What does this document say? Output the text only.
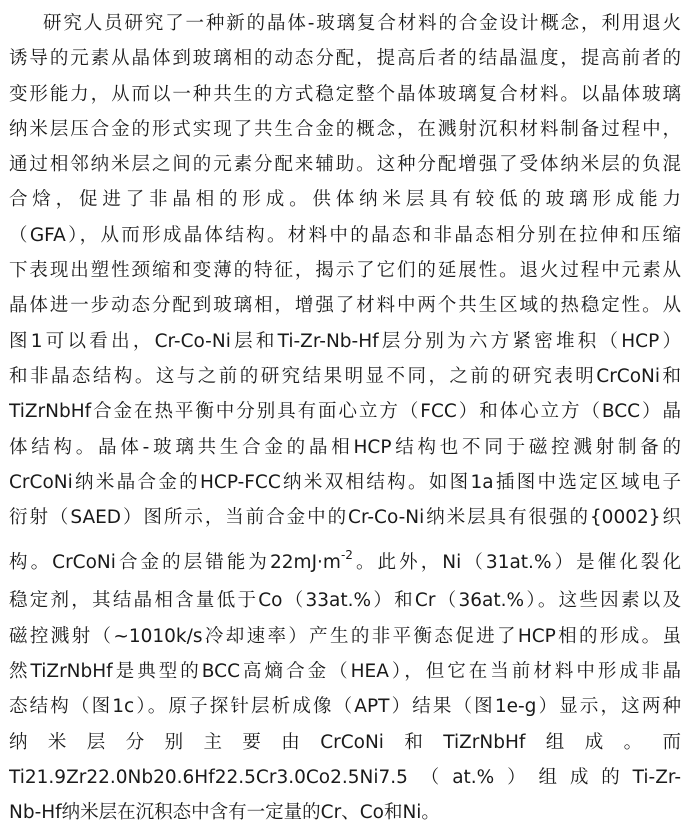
研究人员研究了一种新的晶体-玻璃复合材料的合金设计概念，利用退火
诱导的元素从晶体到玻璃相的动态分配，提高后者的结晶温度，提高前者的
变形能力，从而以一种共生的方式稳定整个晶体玻璃复合材料。以晶体玻璃
纳米层压合金的形式实现了共生合金的概念，在溅射沉积材料制备过程中，
通过相邻纳米层之间的元素分配来辅助。这种分配增强了受体纳米层的负混
合焓，促进了非晶相的形成。供体纳米层具有较低的玻璃形成能力
（GFA），从而形成晶体结构。材料中的晶态和非晶态相分别在拉伸和压缩
下表现出塑性颈缩和变薄的特征，揭示了它们的延展性。退火过程中元素从
晶体进一步动态分配到玻璃相，增强了材料中两个共生区域的热稳定性。从
图1可以看出，Cr-Co-Ni层和Ti-Zr-Nb-Hf层分别为六方紧密堆积（HCP）
和非晶态结构。这与之前的研究结果明显不同，之前的研究表明CrCoNi和
TiZrNbHf合金在热平衡中分别具有面心立方（FCC）和体心立方（BCC）晶
体结构。晶体-玻璃共生合金的晶相HCP结构也不同于磁控溅射制备的
CrCoNi纳米晶合金的HCP-FCC纳米双相结构。如图1a插图中选定区域电子
衍射（SAED）图所示，当前合金中的Cr-Co-Ni纳米层具有很强的{0002}织
构。CrCoNi合金的层错能为$22mJ\cdot m^{-2}$。此外，Ni（31at.%）是催化裂化
稳定剂，其结晶相含量低于Co（33at.%）和Cr（36at.%）。这些因素以及
磁控溅射（~1010k/s冷却速率）产生的非平衡态促进了HCP相的形成。虽
然TiZrNbHf是典型的BCC高熵合金（HEA），但它在当前材料中形成非晶
态结构（图1c）。原子探针层析成像（APT）结果（图1e-g）显示，这两种
纳米层分别主要由CrCoNi和TiZrNbHf组成。而
Ti21.9Zr22.0Nb20.6Hf22.5Cr3.0Co2.5Ni7.5（at.%）组成的Ti-Zr-
Nb-Hf纳米层在沉积态中含有一定量的Cr、Co和Ni。
